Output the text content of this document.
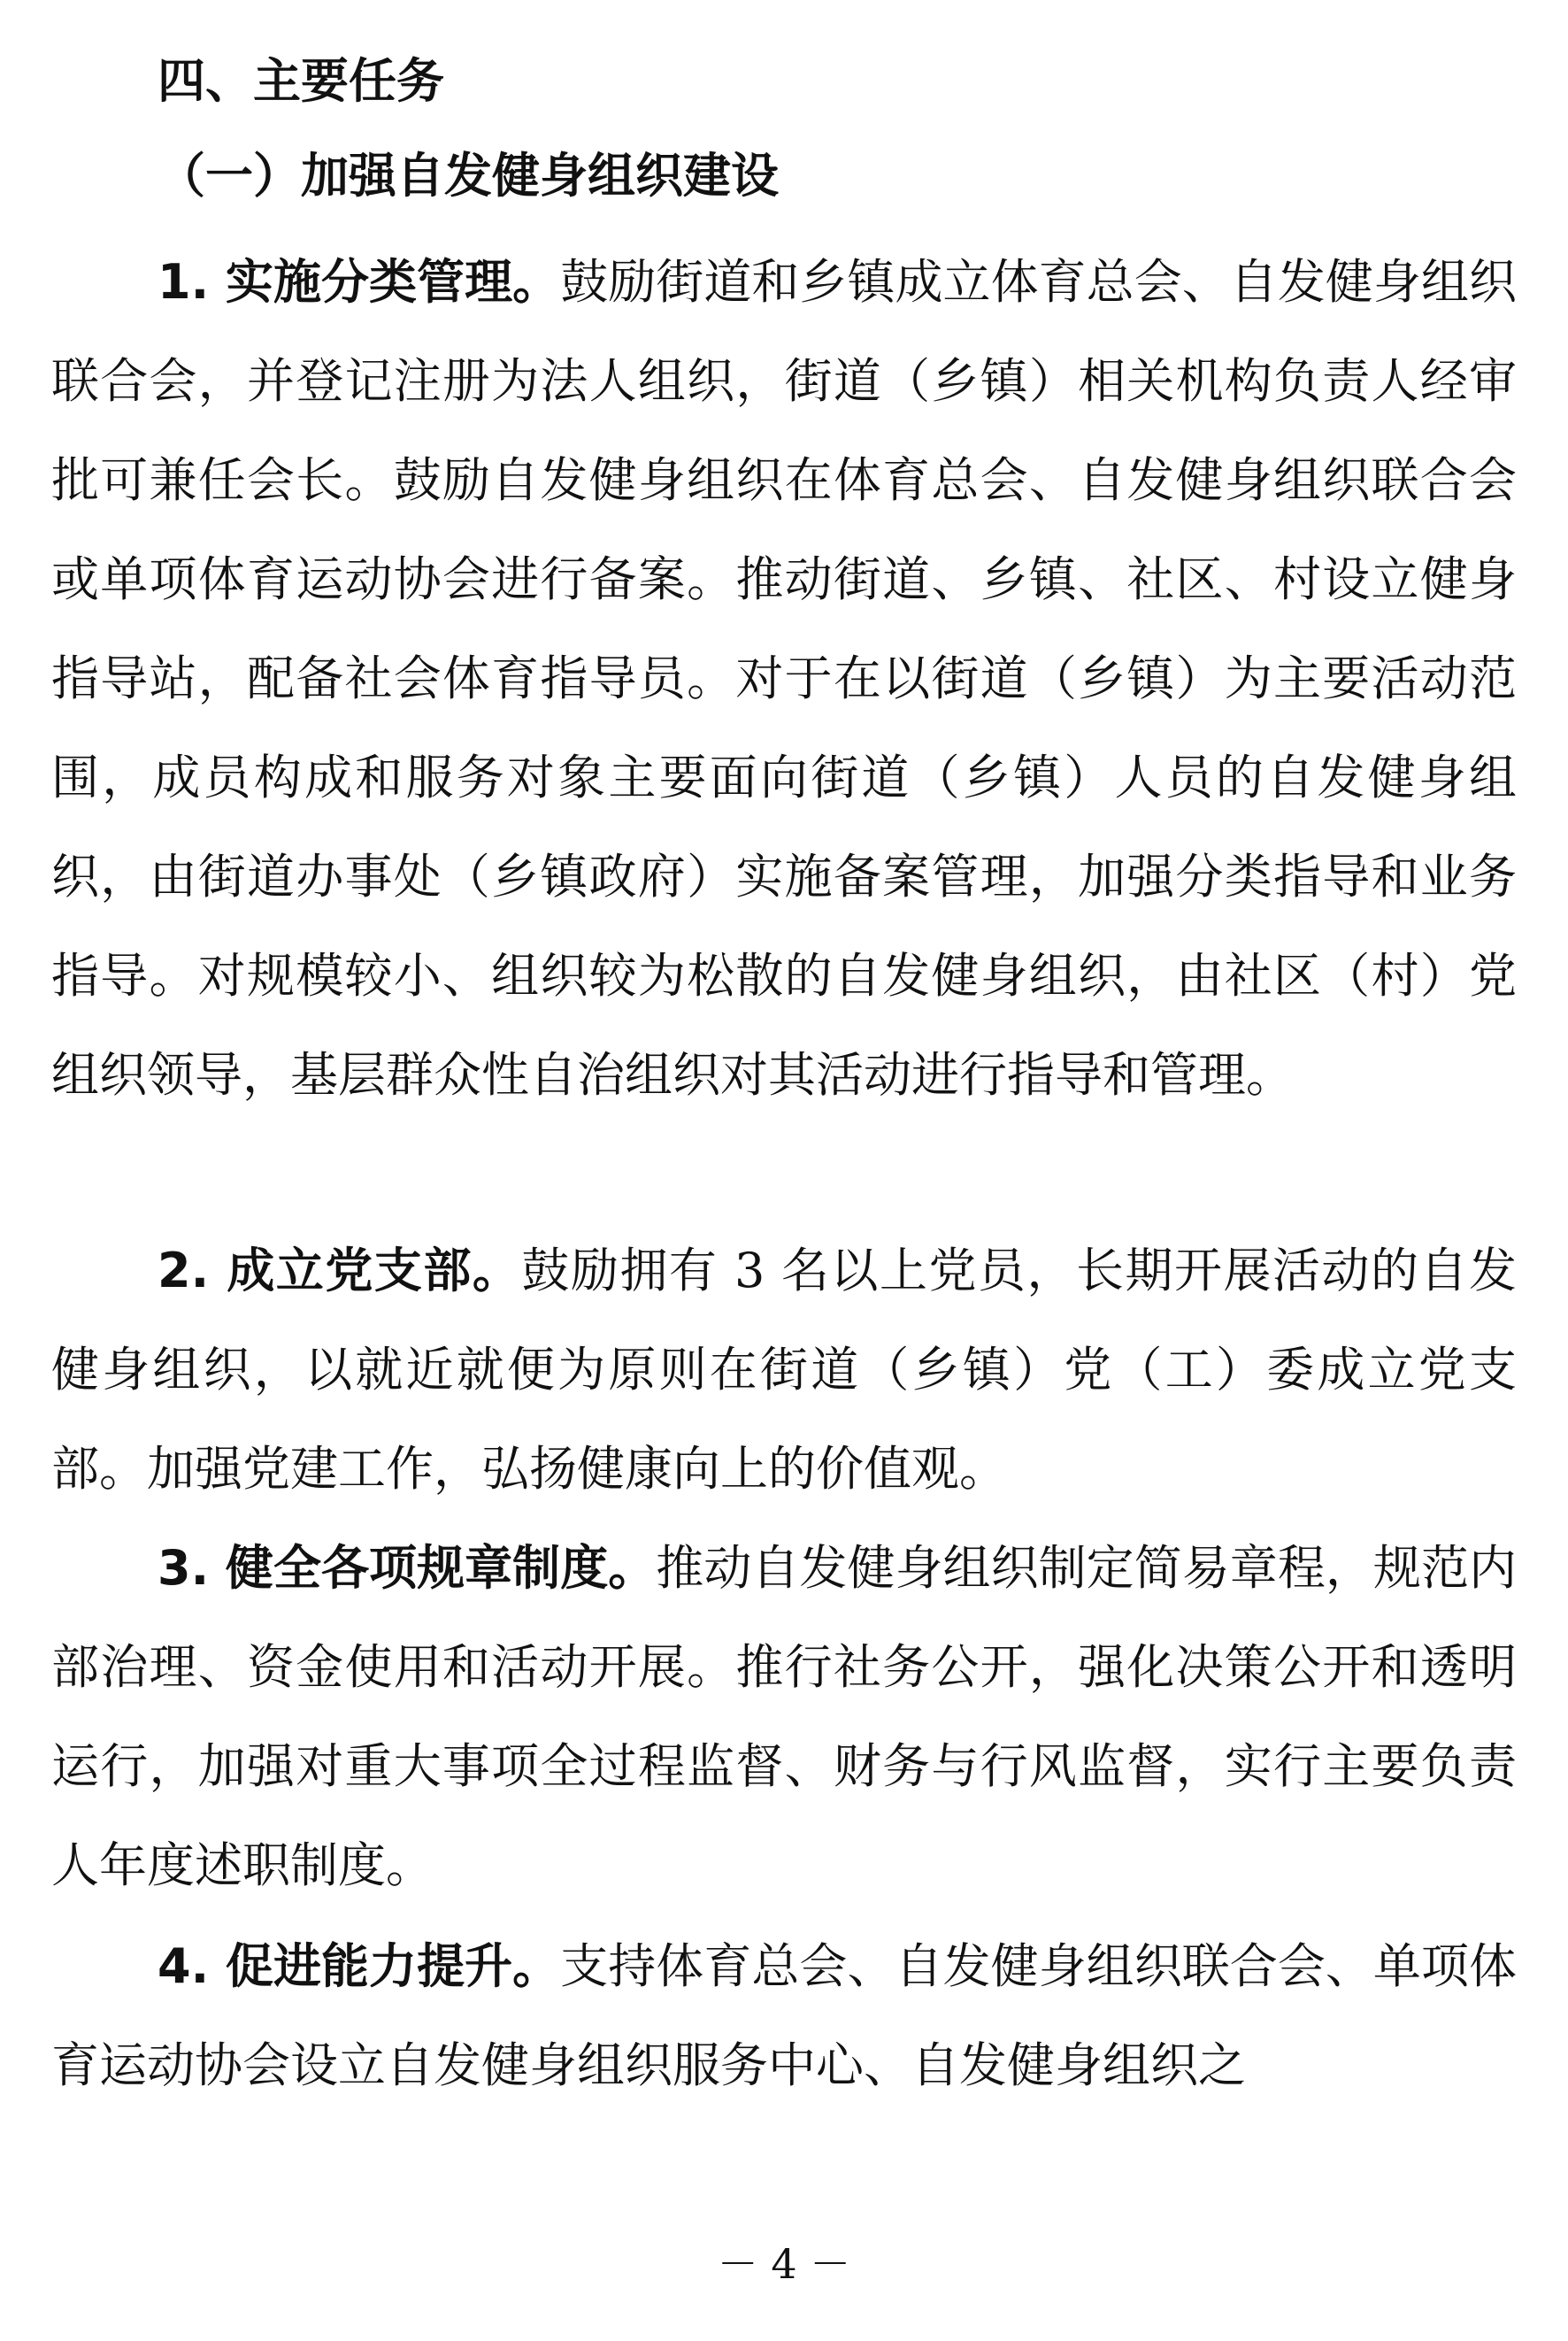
四、主要任务
（一）加强自发健身组织建设

1. 实施分类管理。鼓励街道和乡镇成立体育总会、自发健身组织联合会，并登记注册为法人组织，街道（乡镇）相关机构负责人经审批可兼任会长。鼓励自发健身组织在体育总会、自发健身组织联合会或单项体育运动协会进行备案。推动街道、乡镇、社区、村设立健身指导站，配备社会体育指导员。对于在以街道（乡镇）为主要活动范围，成员构成和服务对象主要面向街道（乡镇）人员的自发健身组织，由街道办事处（乡镇政府）实施备案管理，加强分类指导和业务指导。对规模较小、组织较为松散的自发健身组织，由社区（村）党组织领导，基层群众性自治组织对其活动进行指导和管理。

2. 成立党支部。鼓励拥有 3 名以上党员，长期开展活动的自发健身组织，以就近就便为原则在街道（乡镇）党（工）委成立党支部。加强党建工作，弘扬健康向上的价值观。

3. 健全各项规章制度。推动自发健身组织制定简易章程，规范内部治理、资金使用和活动开展。推行社务公开，强化决策公开和透明运行，加强对重大事项全过程监督、财务与行风监督，实行主要负责人年度述职制度。

4. 促进能力提升。支持体育总会、自发健身组织联合会、单项体育运动协会设立自发健身组织服务中心、自发健身组织之

－ 4 －
